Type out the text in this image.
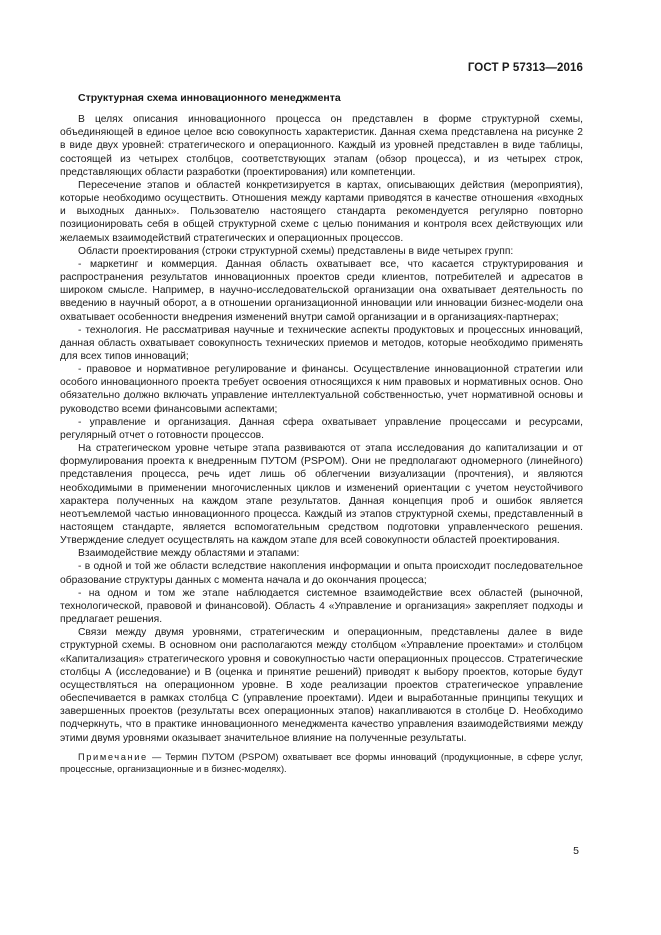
ГОСТ Р 57313—2016
Структурная схема инновационного менеджмента

В целях описания инновационного процесса он представлен в форме структурной схемы, объединяющей в единое целое всю совокупность характеристик. Данная схема представлена на рисунке 2 в виде двух уровней: стратегического и операционного. Каждый из уровней представлен в виде таблицы, состоящей из четырех столбцов, соответствующих этапам (обзор процесса), и из четырех строк, представляющих области разработки (проектирования) или компетенции.

Пересечение этапов и областей конкретизируется в картах, описывающих действия (мероприятия), которые необходимо осуществить. Отношения между картами приводятся в качестве отношения «входных и выходных данных». Пользователю настоящего стандарта рекомендуется регулярно повторно позиционировать себя в общей структурной схеме с целью понимания и контроля всех действующих или желаемых взаимодействий стратегических и операционных процессов.

Области проектирования (строки структурной схемы) представлены в виде четырех групп:

- маркетинг и коммерция. Данная область охватывает все, что касается структурирования и распространения результатов инновационных проектов среди клиентов, потребителей и адресатов в широком смысле. Например, в научно-исследовательской организации она охватывает деятельность по введению в научный оборот, а в отношении организационной инновации или инновации бизнес-модели она охватывает особенности внедрения изменений внутри самой организации и в организациях-партнерах;

- технология. Не рассматривая научные и технические аспекты продуктовых и процессных инноваций, данная область охватывает совокупность технических приемов и методов, которые необходимо применять для всех типов инноваций;

- правовое и нормативное регулирование и финансы. Осуществление инновационной стратегии или особого инновационного проекта требует освоения относящихся к ним правовых и нормативных основ. Оно обязательно должно включать управление интеллектуальной собственностью, учет нормативной основы и руководство всеми финансовыми аспектами;

- управление и организация. Данная сфера охватывает управление процессами и ресурсами, регулярный отчет о готовности процессов.

На стратегическом уровне четыре этапа развиваются от этапа исследования до капитализации и от формулирования проекта к внедренным ПУТОМ (PSPOM). Они не предполагают одномерного (линейного) представления процесса, речь идет лишь об облегчении визуализации (прочтения), и являются необходимыми в применении многочисленных циклов и изменений ориентации с учетом неустойчивого характера полученных на каждом этапе результатов. Данная концепция проб и ошибок является неотъемлемой частью инновационного процесса. Каждый из этапов структурной схемы, представленный в настоящем стандарте, является вспомогательным средством подготовки управленческого решения. Утверждение следует осуществлять на каждом этапе для всей совокупности областей проектирования.

Взаимодействие между областями и этапами:

- в одной и той же области вследствие накопления информации и опыта происходит последовательное образование структуры данных с момента начала и до окончания процесса;

- на одном и том же этапе наблюдается системное взаимодействие всех областей (рыночной, технологической, правовой и финансовой). Область 4 «Управление и организация» закрепляет подходы и предлагает решения.

Связи между двумя уровнями, стратегическим и операционным, представлены далее в виде структурной схемы. В основном они располагаются между столбцом «Управление проектами» и столбцом «Капитализация» стратегического уровня и совокупностью части операционных процессов. Стратегические столбцы А (исследование) и В (оценка и принятие решений) приводят к выбору проектов, которые будут осуществляться на операционном уровне. В ходе реализации проектов стратегическое управление обеспечивается в рамках столбца С (управление проектами). Идеи и выработанные принципы текущих и завершенных проектов (результаты всех операционных этапов) накапливаются в столбце D. Необходимо подчеркнуть, что в практике инновационного менеджмента качество управления взаимодействиями между этими двумя уровнями оказывает значительное влияние на полученные результаты.

Примечание — Термин ПУТОМ (PSPOM) охватывает все формы инноваций (продукционные, в сфере услуг, процессные, организационные и в бизнес-моделях).

5
